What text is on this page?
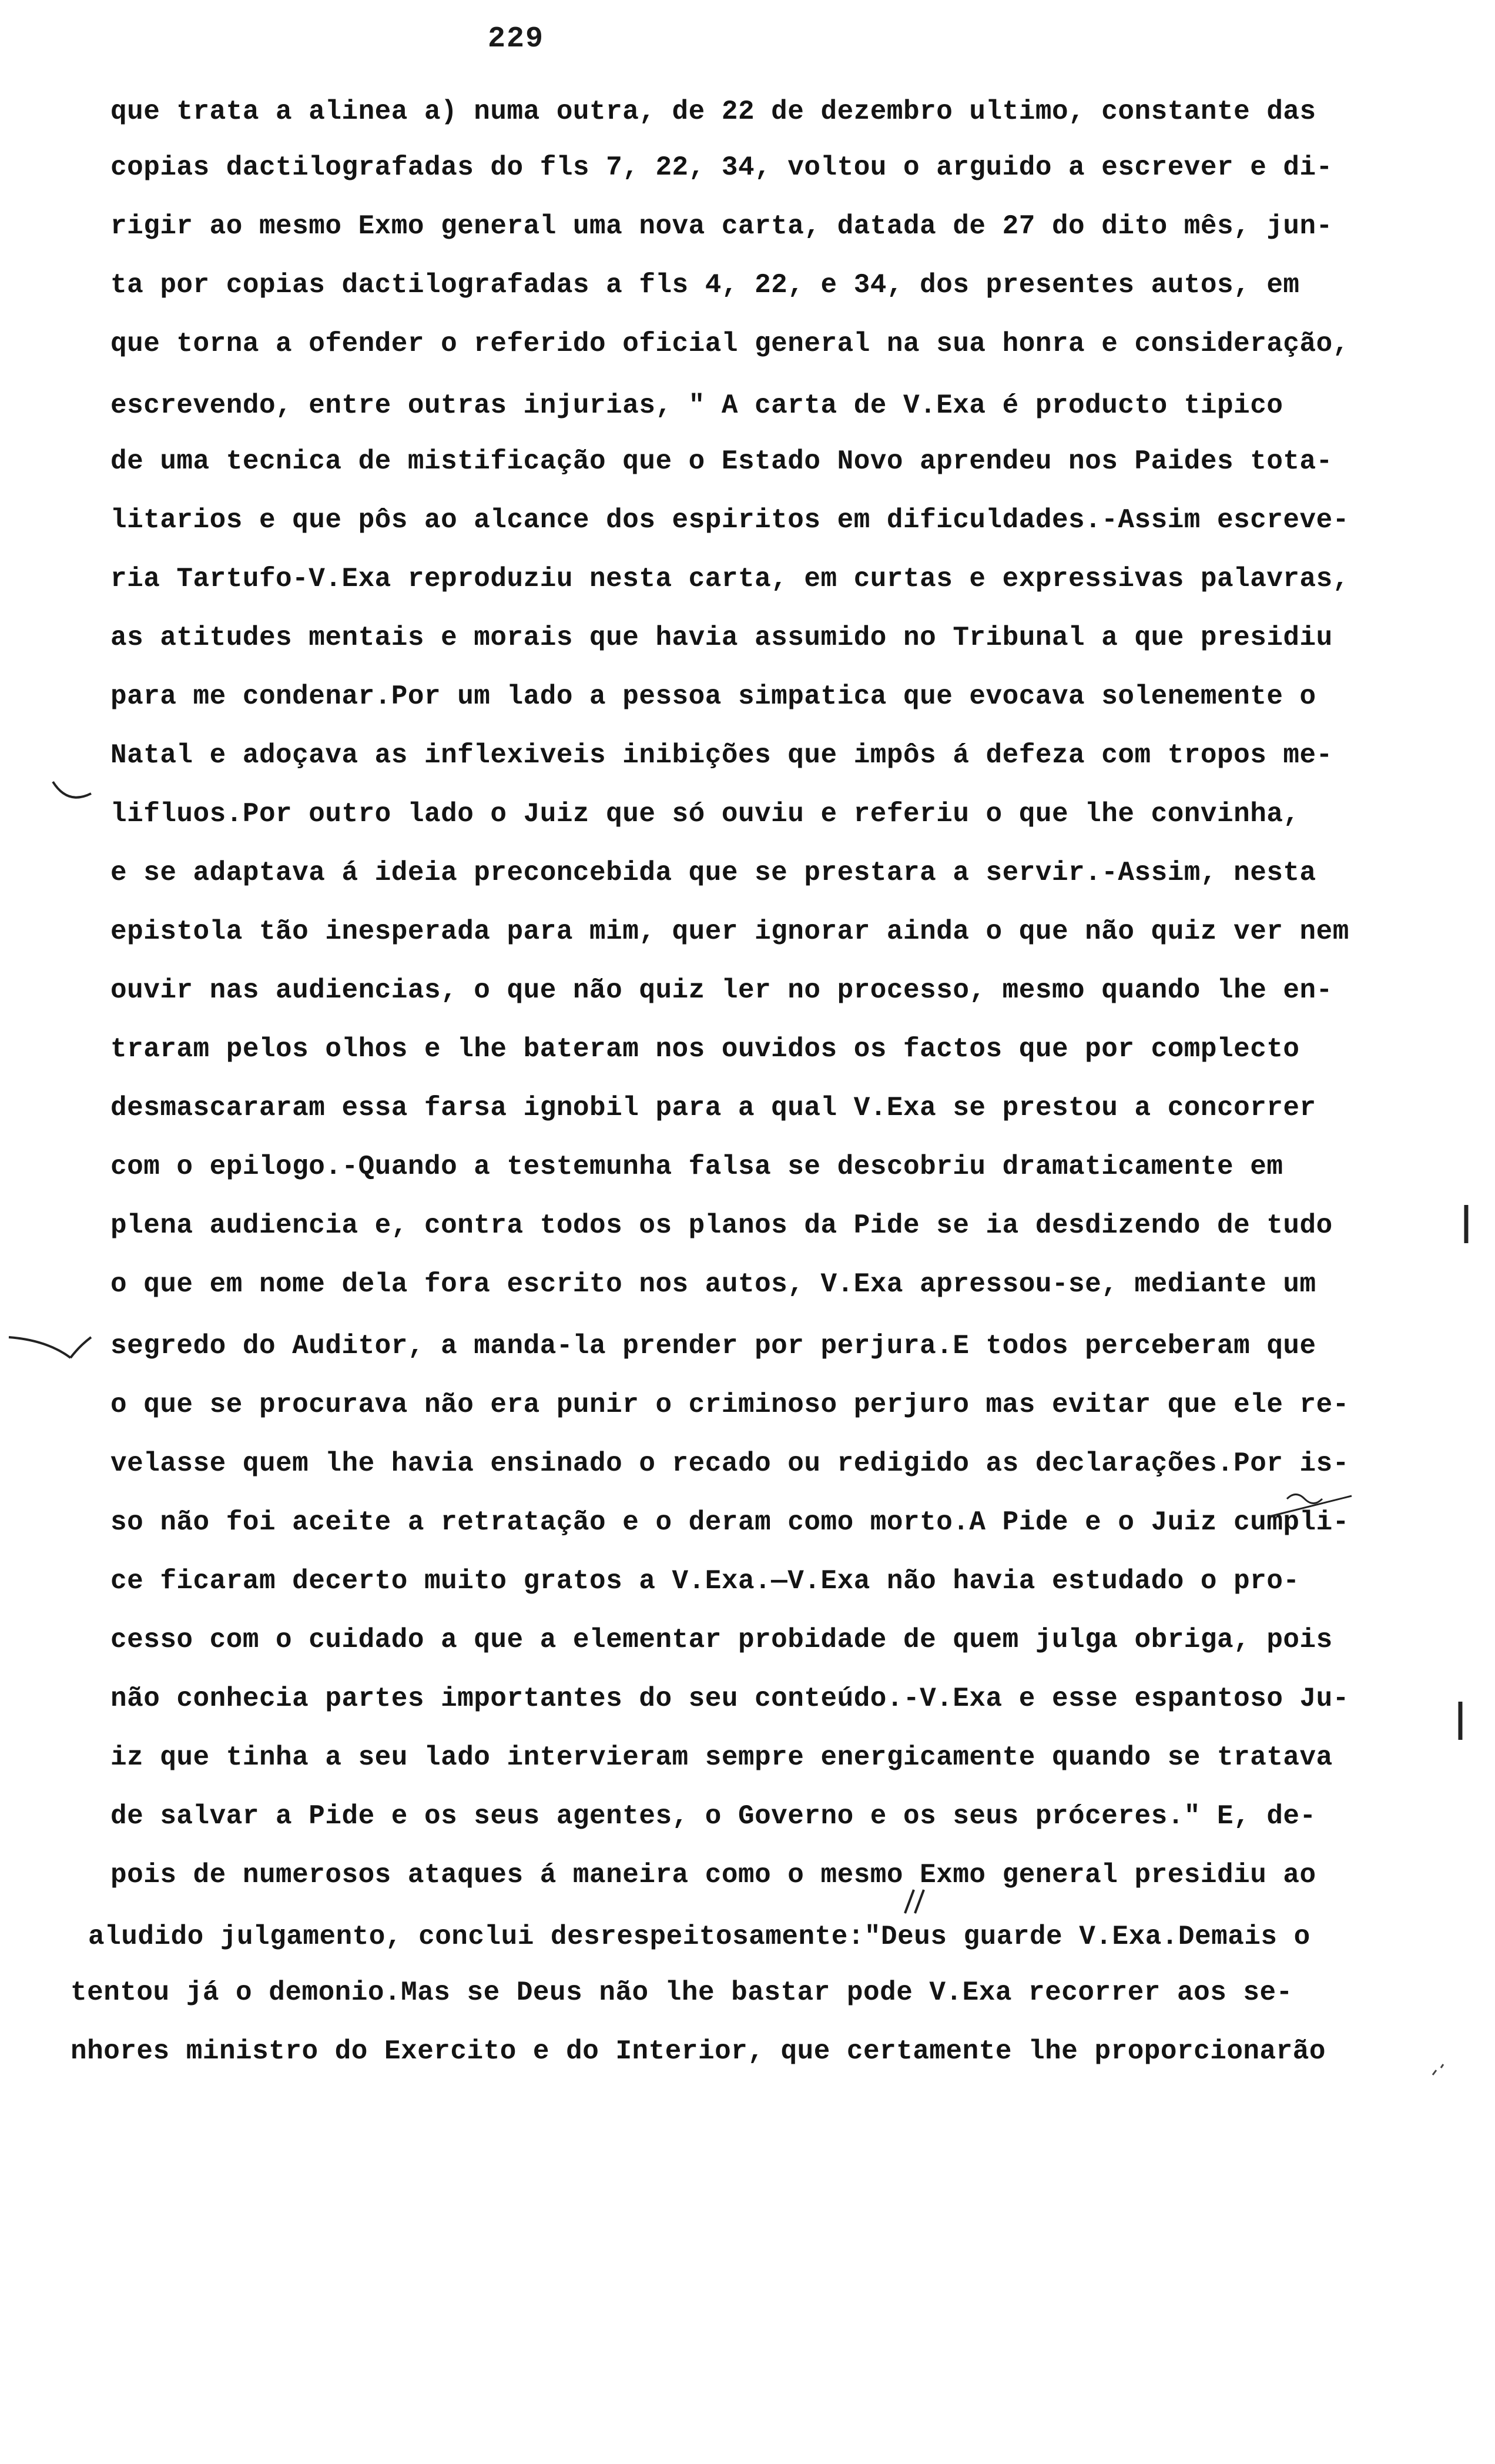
229
que trata a alinea a) numa outra, de 22 de dezembro ultimo, constante das
copias dactilografadas do fls 7, 22, 34, voltou o arguido a escrever e di-
rigir ao mesmo Exmo general uma nova carta, datada de 27 do dito mês, jun-
ta por copias dactilografadas a fls 4, 22, e 34, dos presentes autos, em
que torna a ofender o referido oficial general na sua honra e consideração,
escrevendo, entre outras injurias, " A carta de V.Exa é producto tipico
de uma tecnica de mistificação que o Estado Novo aprendeu nos Paides tota-
litarios e que pôs ao alcance dos espiritos em dificuldades.-Assim escreve-
ria Tartufo-V.Exa reproduziu nesta carta, em curtas e expressivas palavras,
as atitudes mentais e morais que havia assumido no Tribunal a que presidiu
para me condenar.Por um lado a pessoa simpatica que evocava solenemente o
Natal e adoçava as inflexiveis inibições que impôs á defeza com tropos me-
lifluos.Por outro lado o Juiz que só ouviu e referiu o que lhe convinha,
e se adaptava á ideia preconcebida que se prestara a servir.-Assim, nesta
epistola tão inesperada para mim, quer ignorar ainda o que não quiz ver nem
ouvir nas audiencias, o que não quiz ler no processo, mesmo quando lhe en-
traram pelos olhos e lhe bateram nos ouvidos os factos que por complecto
desmascararam essa farsa ignobil para a qual V.Exa se prestou a concorrer
com o epilogo.-Quando a testemunha falsa se descobriu dramaticamente em
plena audiencia e, contra todos os planos da Pide se ia desdizendo de tudo
o que em nome dela fora escrito nos autos, V.Exa apressou-se, mediante um
segredo do Auditor, a manda-la prender por perjura.E todos perceberam que
o que se procurava não era punir o criminoso perjuro mas evitar que ele re-
velasse quem lhe havia ensinado o recado ou redigido as declarações.Por is-
so não foi aceite a retratação e o deram como morto.A Pide e o Juiz cumpli-
ce ficaram decerto muito gratos a V.Exa.—V.Exa não havia estudado o pro-
cesso com o cuidado a que a elementar probidade de quem julga obriga, pois
não conhecia partes importantes do seu conteúdo.-V.Exa e esse espantoso Ju-
iz que tinha a seu lado intervieram sempre energicamente quando se tratava
de salvar a Pide e os seus agentes, o Governo e os seus próceres." E, de-
pois de numerosos ataques á maneira como o mesmo Exmo general presidiu ao
aludido julgamento, conclui desrespeitosamente:"Deus guarde V.Exa.Demais o
tentou já o demonio.Mas se Deus não lhe bastar pode V.Exa recorrer aos se-
nhores ministro do Exercito e do Interior, que certamente lhe proporcionarão
